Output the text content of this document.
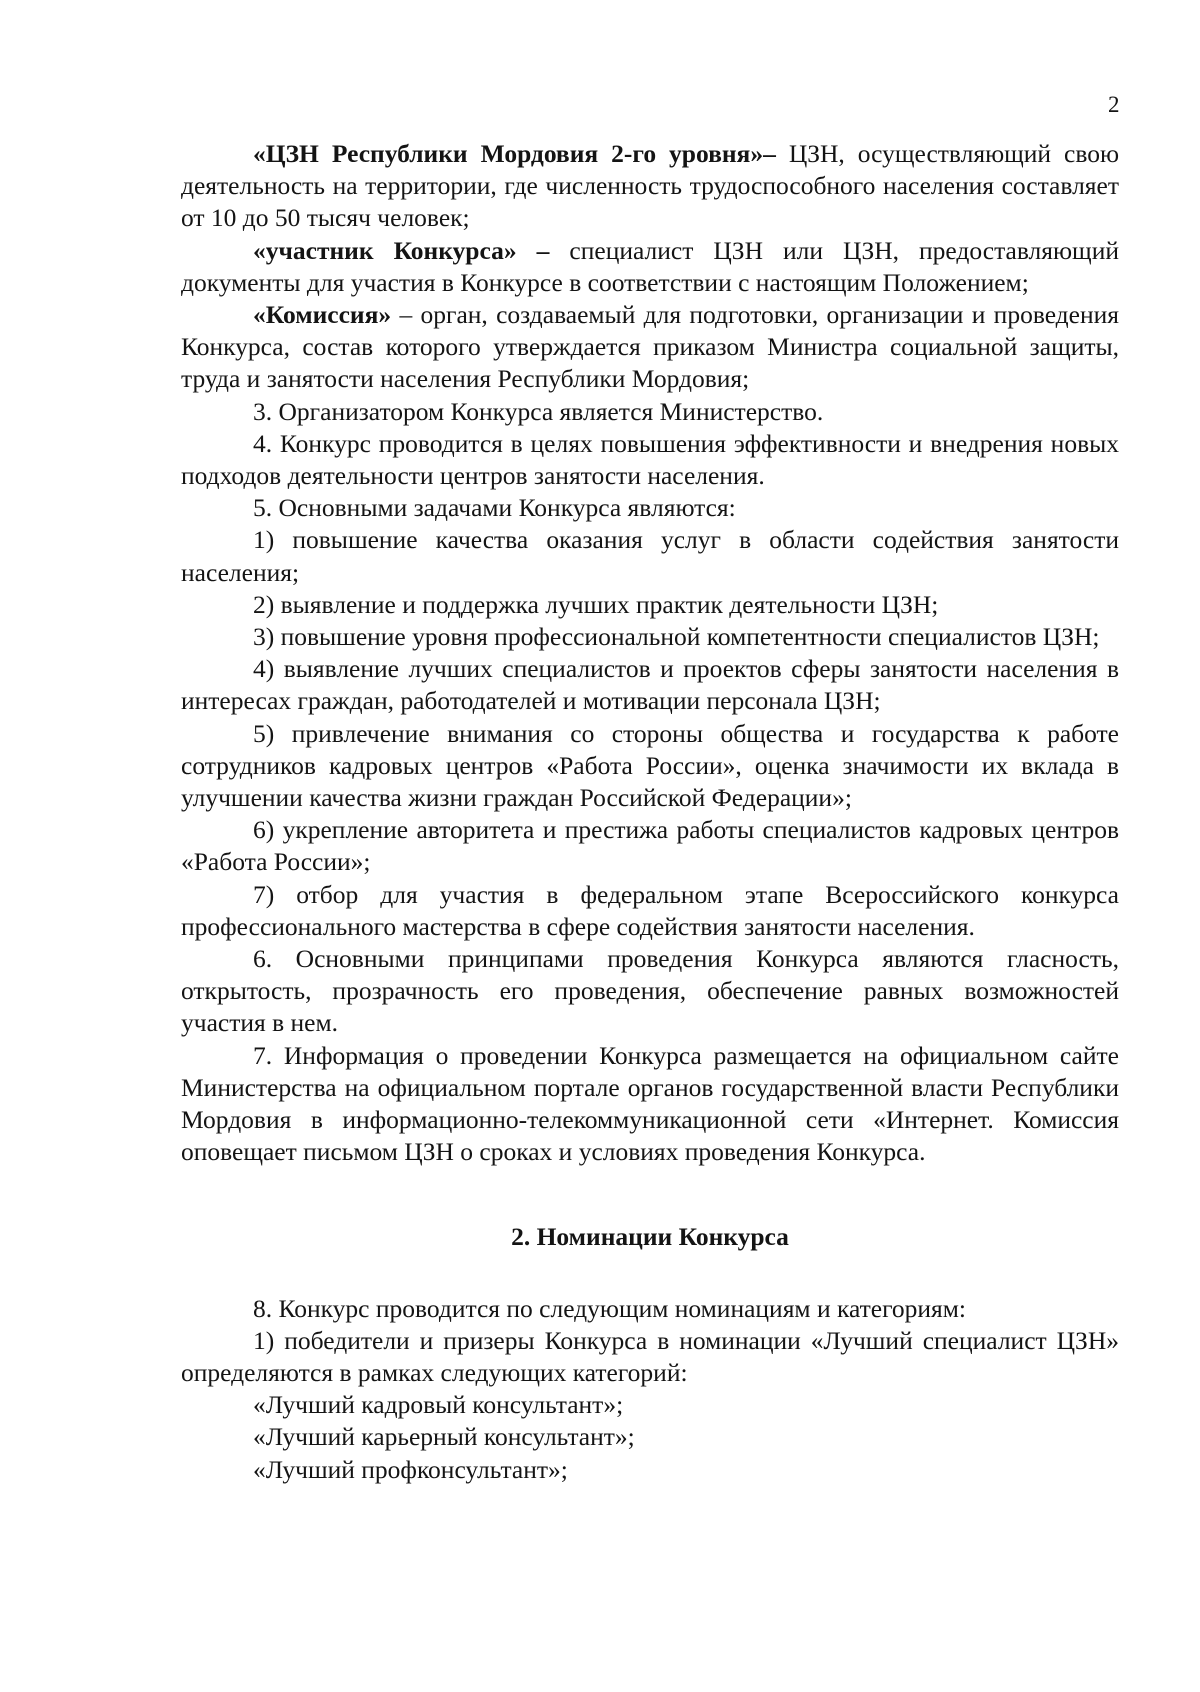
2

«ЦЗН Республики Мордовия 2-го уровня»– ЦЗН, осуществляющий свою деятельность на территории, где численность трудоспособного населения составляет от 10 до 50 тысяч человек;

«участник Конкурса» – специалист ЦЗН или ЦЗН, предоставляющий документы для участия в Конкурсе в соответствии с настоящим Положением;

«Комиссия» – орган, создаваемый для подготовки, организации и проведения Конкурса, состав которого утверждается приказом Министра социальной защиты, труда и занятости населения Республики Мордовия;

3. Организатором Конкурса является Министерство.

4. Конкурс проводится в целях повышения эффективности и внедрения новых подходов деятельности центров занятости населения.

5. Основными задачами Конкурса являются:

1) повышение качества оказания услуг в области содействия занятости населения;

2) выявление и поддержка лучших практик деятельности ЦЗН;

3) повышение уровня профессиональной компетентности специалистов ЦЗН;

4) выявление лучших специалистов и проектов сферы занятости населения в интересах граждан, работодателей и мотивации персонала ЦЗН;

5) привлечение внимания со стороны общества и государства к работе сотрудников кадровых центров «Работа России», оценка значимости их вклада в улучшении качества жизни граждан Российской Федерации»;

6) укрепление авторитета и престижа работы специалистов кадровых центров «Работа России»;

7) отбор для участия в федеральном этапе Всероссийского конкурса профессионального мастерства в сфере содействия занятости населения.

6. Основными принципами проведения Конкурса являются гласность, открытость, прозрачность его проведения, обеспечение равных возможностей участия в нем.

7. Информация о проведении Конкурса размещается на официальном сайте Министерства на официальном портале органов государственной власти Республики Мордовия в информационно-телекоммуникационной сети «Интернет. Комиссия оповещает письмом ЦЗН о сроках и условиях проведения Конкурса.

2. Номинации Конкурса

8. Конкурс проводится по следующим номинациям и категориям:

1) победители и призеры Конкурса в номинации «Лучший специалист ЦЗН» определяются в рамках следующих категорий:

«Лучший кадровый консультант»;

«Лучший карьерный консультант»;

«Лучший профконсультант»;
